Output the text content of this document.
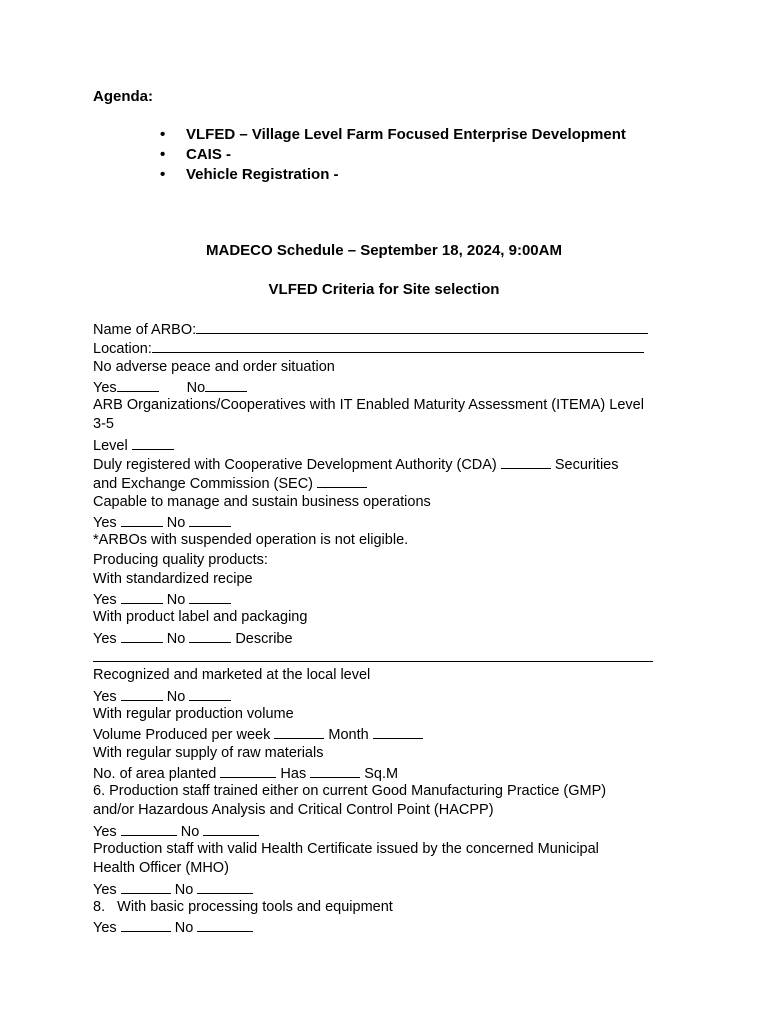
Agenda:
• VLFED – Village Level Farm Focused Enterprise Development
• CAIS -
• Vehicle Registration -
MADECO Schedule – September 18, 2024, 9:00AM
VLFED Criteria for Site selection
Name of ARBO:
Location:
No adverse peace and order situation
Yes	No
ARB Organizations/Cooperatives with IT Enabled Maturity Assessment (ITEMA) Level
3-5
Level
Duly registered with Cooperative Development Authority (CDA)	Securities
and Exchange Commission (SEC)
Capable to manage and sustain business operations
Yes	No
*ARBOs with suspended operation is not eligible.
Producing quality products:
With standardized recipe
Yes	No
With product label and packaging
Yes	No	Describe
Recognized and marketed at the local level
Yes	No
With regular production volume
Volume Produced per week	Month
With regular supply of raw materials
No. of area planted	Has	Sq.M
6. Production staff trained either on current Good Manufacturing Practice (GMP)
and/or Hazardous Analysis and Critical Control Point (HACPP)
Yes	No
Production staff with valid Health Certificate issued by the concerned Municipal
Health Officer (MHO)
Yes	No
8.   With basic processing tools and equipment
Yes	No
